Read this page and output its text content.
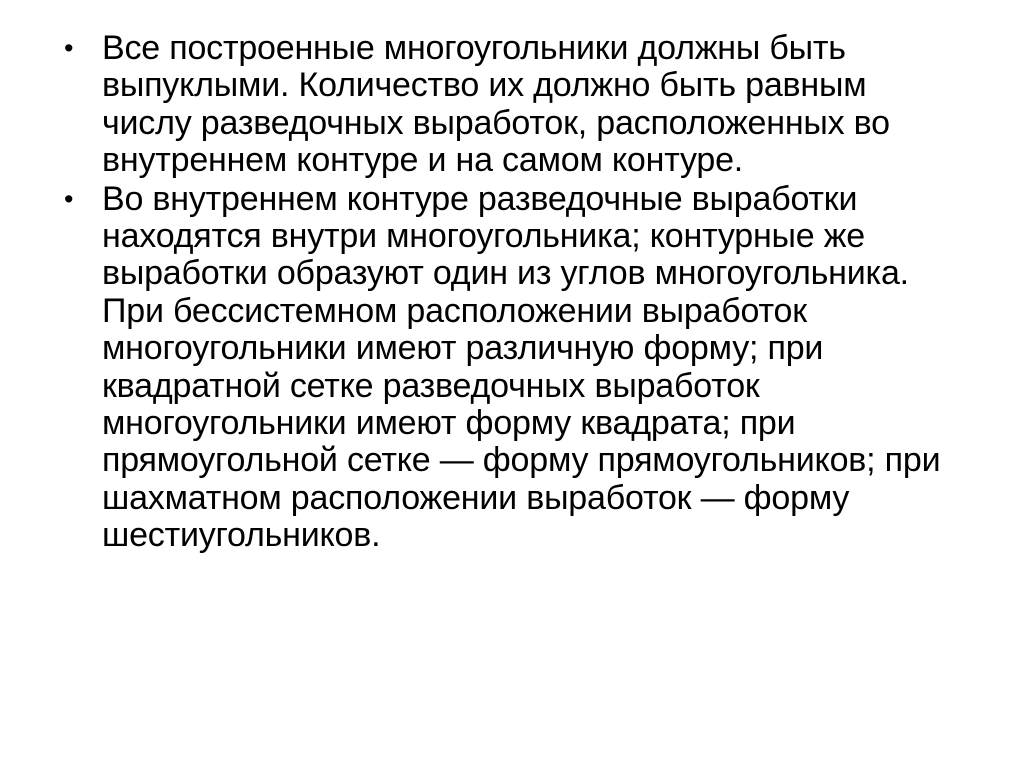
• Все построенные многоугольники должны быть выпуклыми. Количество их должно быть равным числу разведочных выработок, расположенных во внутреннем контуре и на самом контуре.
• Во внутреннем контуре разведочные выработки находятся внутри многоугольника; контурные же выработки образуют один из углов многоугольника. При бессистемном расположении выработок многоугольники имеют различную форму; при квадратной сетке разведочных выработок многоугольники имеют форму квадрата; при прямоугольной сетке — форму прямоугольников; при шахматном расположении выработок — форму шестиугольников.
